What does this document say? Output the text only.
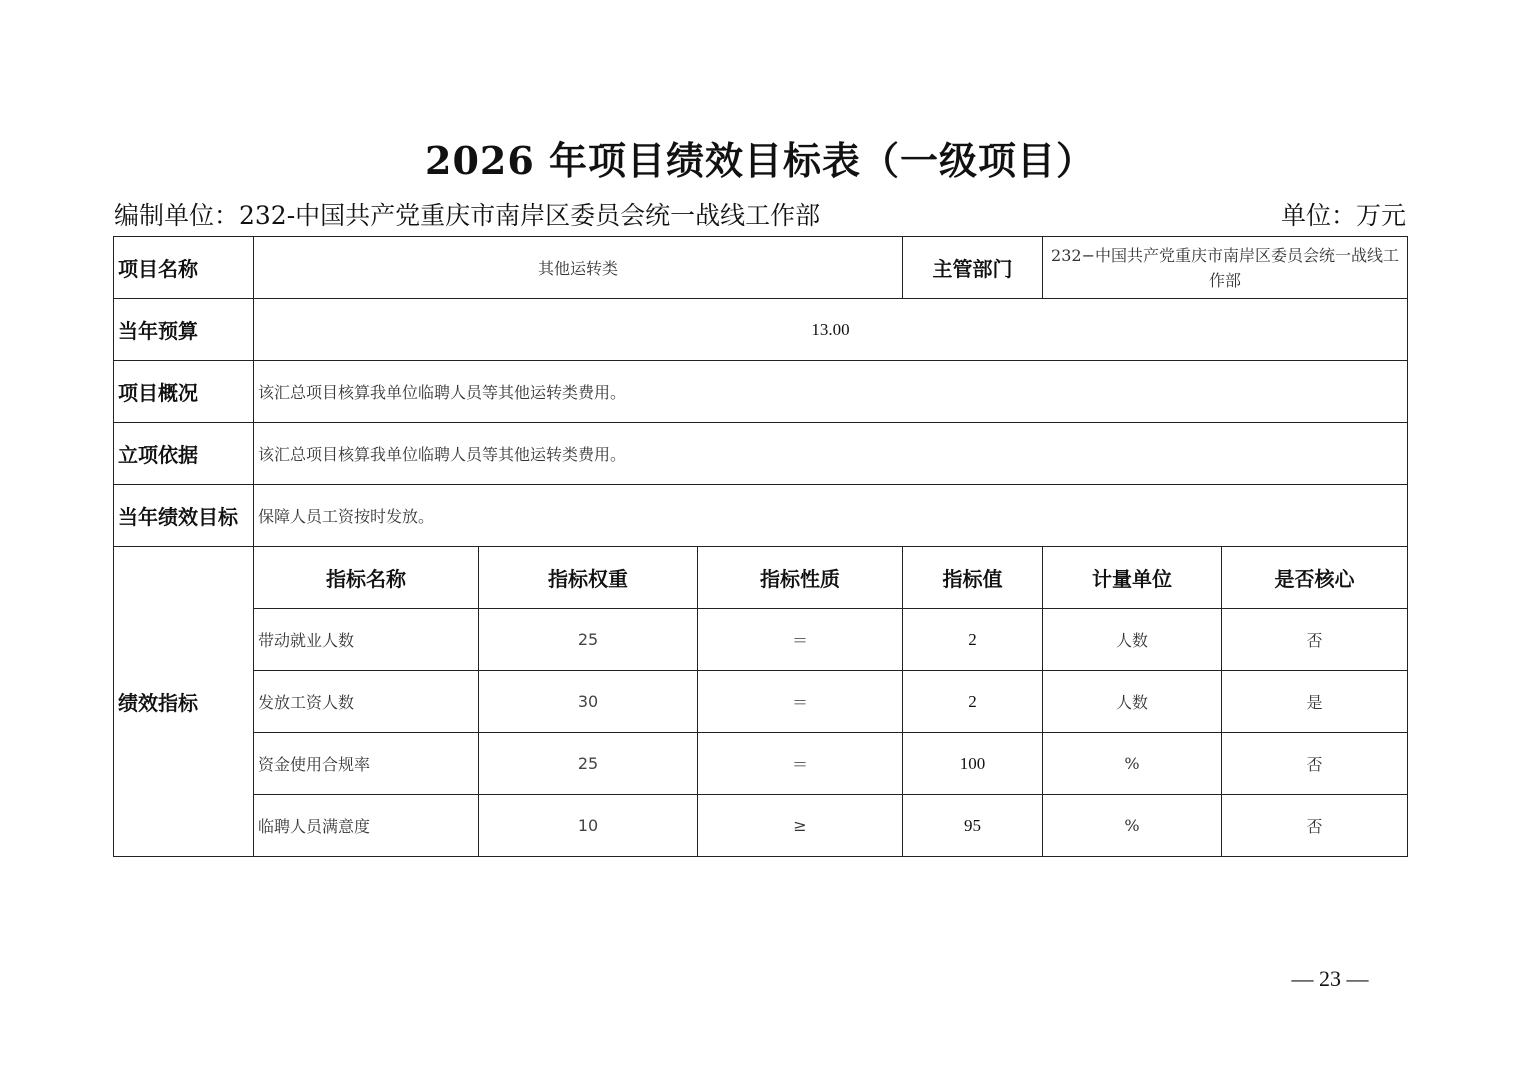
2026 年项目绩效目标表（一级项目）
编制单位：232-中国共产党重庆市南岸区委员会统一战线工作部	单位：万元
项目名称	其他运转类			主管部门	232−中国共产党重庆市南岸区委员会统一战线工作部	
当年预算	13.00					
项目概况	该汇总项目核算我单位临聘人员等其他运转类费用。					
立项依据	该汇总项目核算我单位临聘人员等其他运转类费用。					
当年绩效目标	保障人员工资按时发放。					
绩效指标	指标名称	指标权重	指标性质	指标值	计量单位	是否核心
	带动就业人数	25	＝	2	人数	否
	发放工资人数	30	＝	2	人数	是
	资金使用合规率	25	＝	100	%	否
	临聘人员满意度	10	≥	95	%	否
— 23 —
